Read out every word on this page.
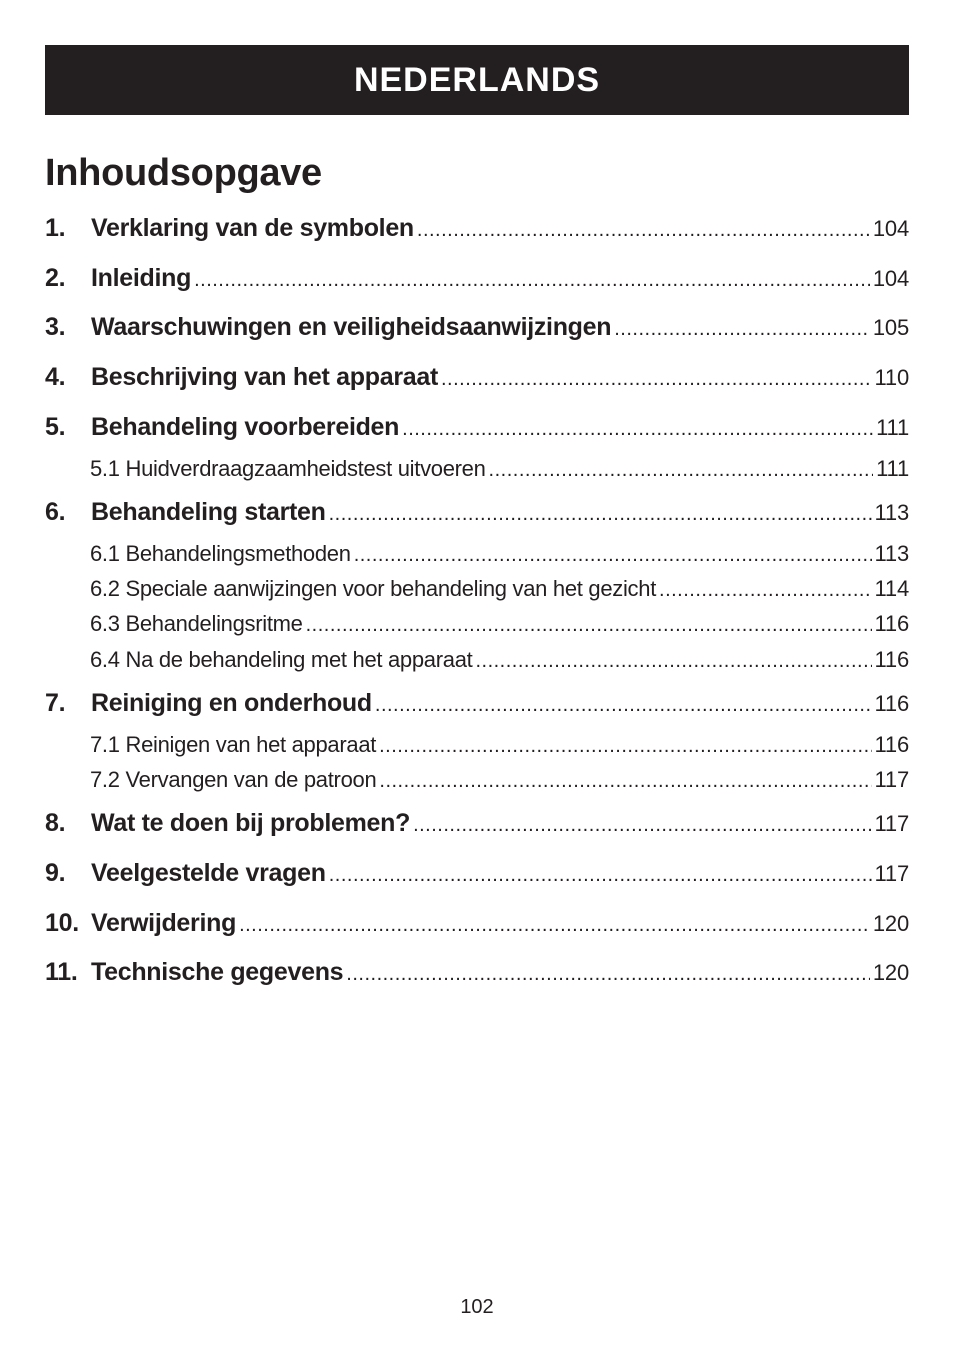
NEDERLANDS
Inhoudsopgave
1.	Verklaring van de symbolen .....	104
2.	Inleiding .....	104
3.	Waarschuwingen en veiligheidsaanwijzingen .....	105
4.	Beschrijving van het apparaat .....	110
5.	Behandeling voorbereiden .....	111
5.1 Huidverdraagzaamheidstest uitvoeren .....	111
6.	Behandeling starten .....	113
6.1 Behandelingsmethoden .....	113
6.2 Speciale aanwijzingen voor behandeling van het gezicht .....	114
6.3 Behandelingsritme .....	116
6.4 Na de behandeling met het apparaat .....	116
7.	Reiniging en onderhoud .....	116
7.1 Reinigen van het apparaat .....	116
7.2 Vervangen van de patroon .....	117
8.	Wat te doen bij problemen? .....	117
9.	Veelgestelde vragen .....	117
10. Verwijdering .....	120
11. Technische gegevens .....	120
102
